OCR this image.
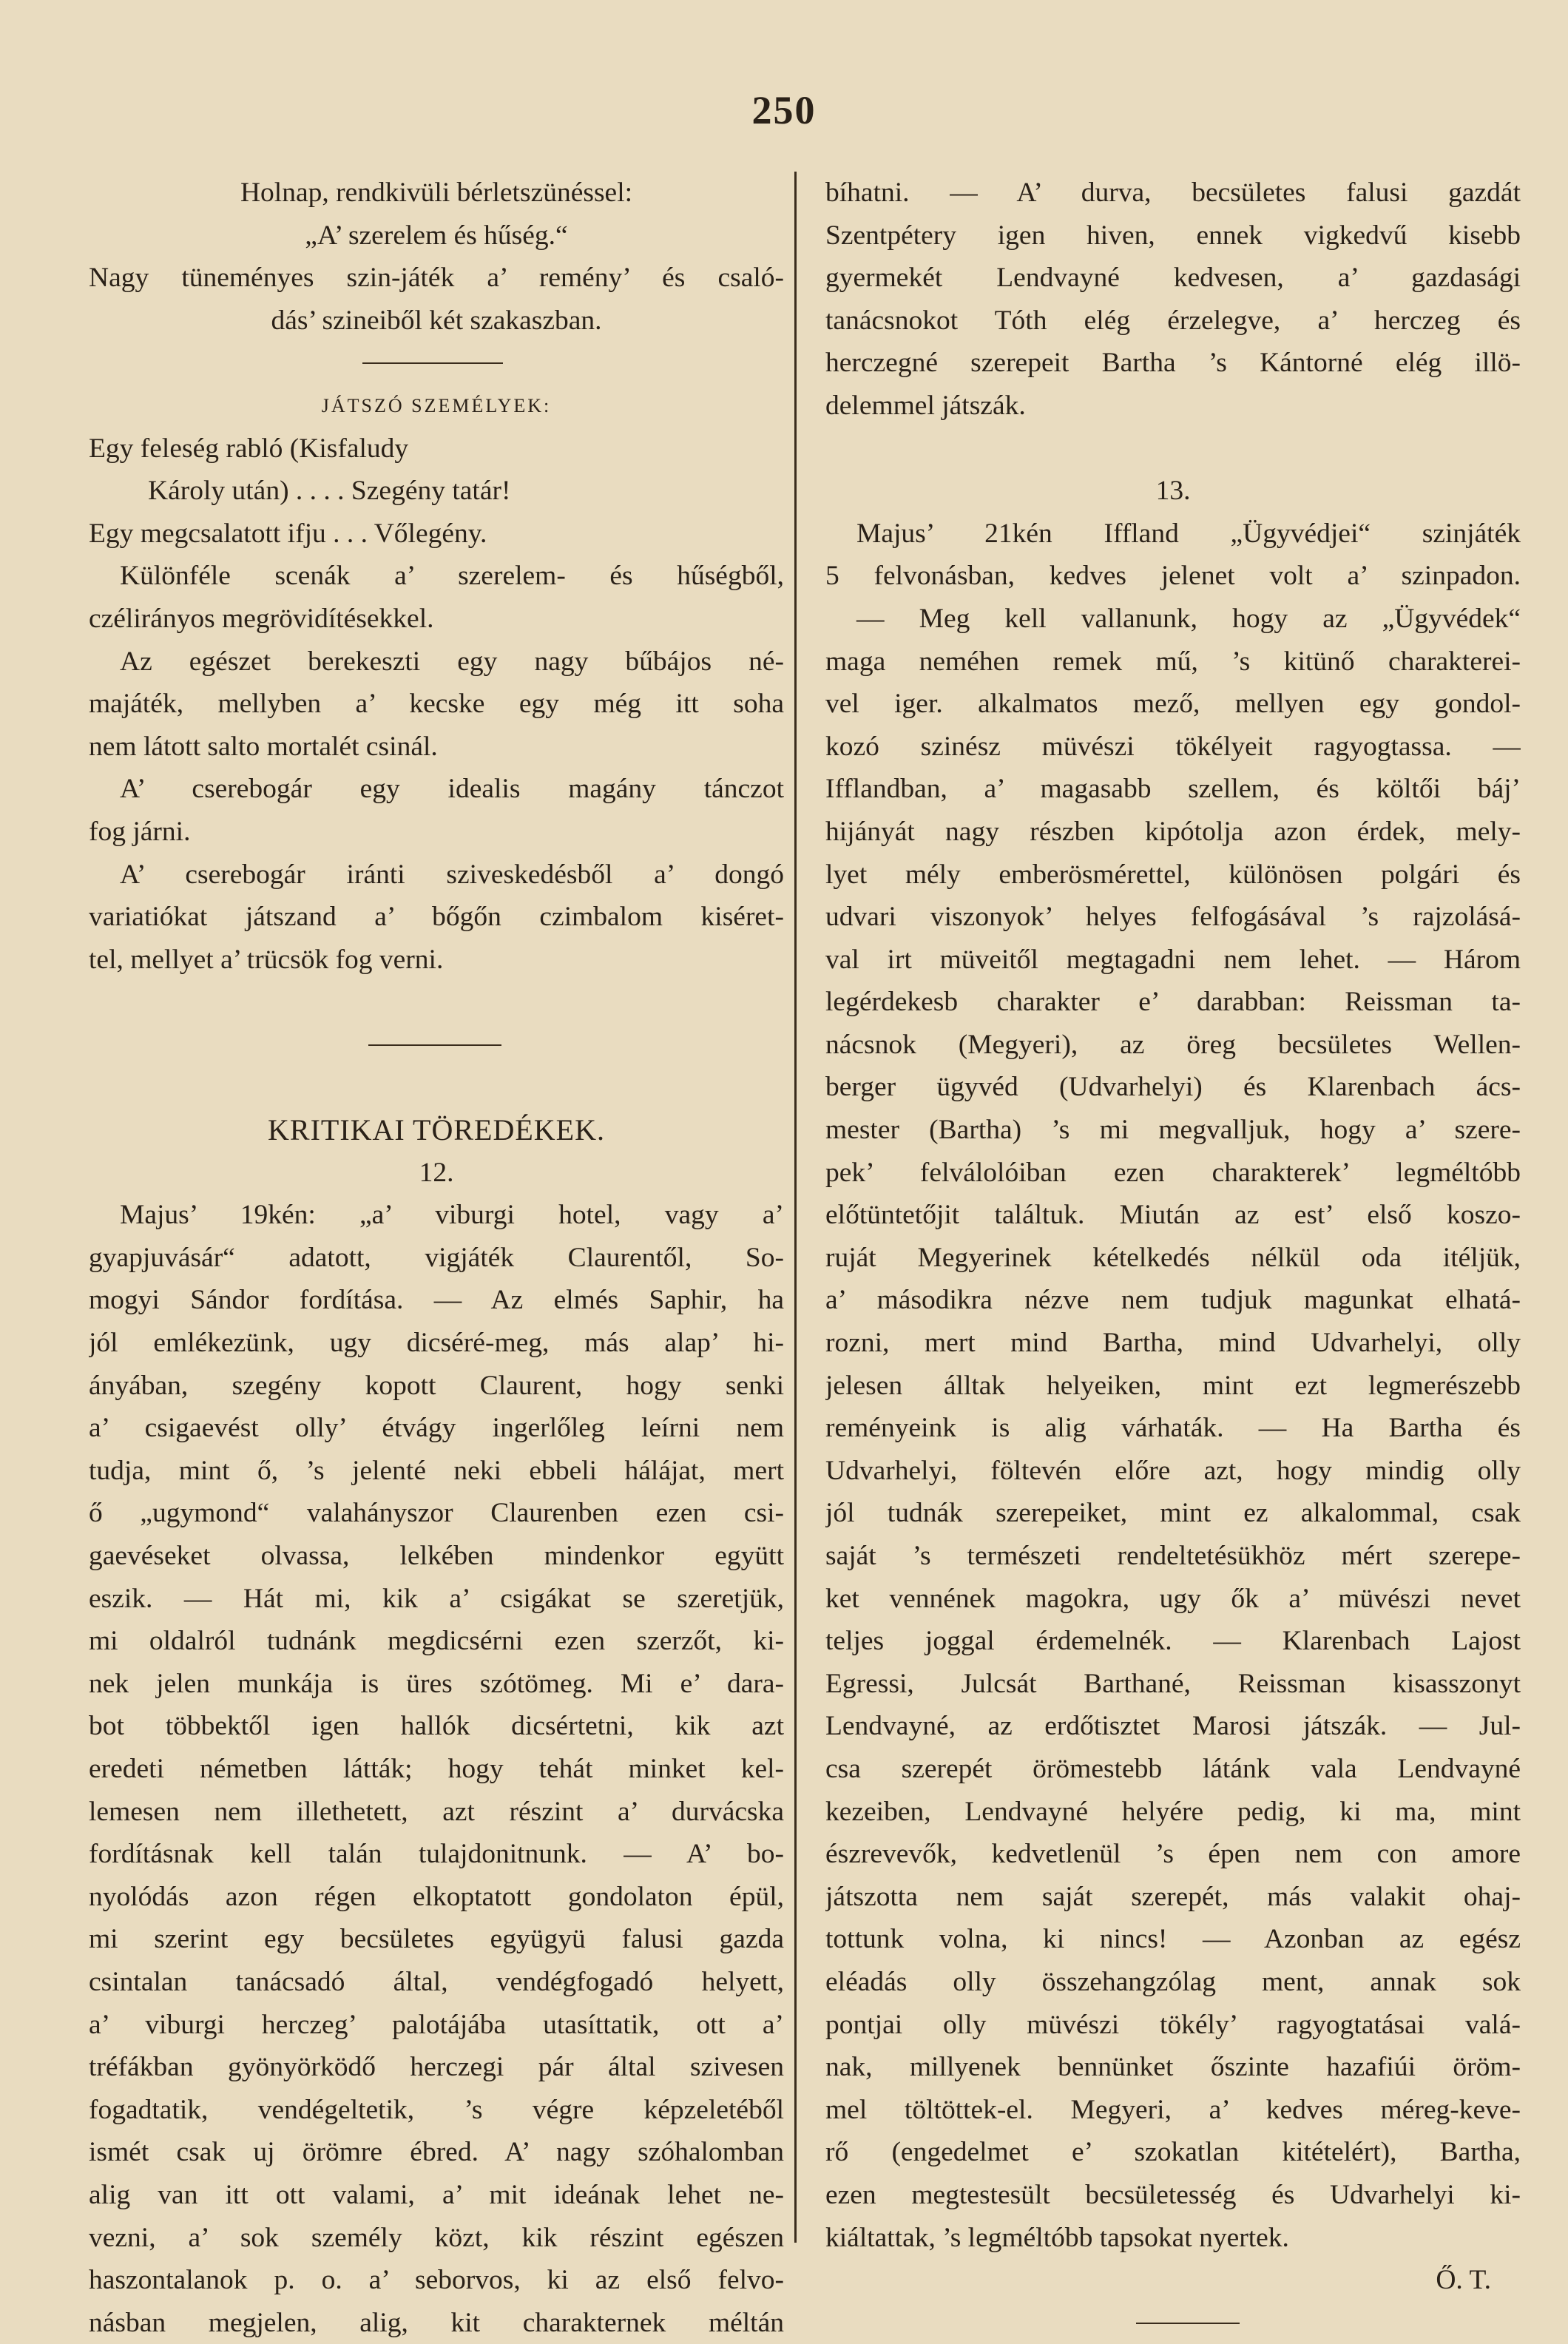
250
Holnap, rendkivüli bérletszünéssel:
„A’ szerelem és hűség.“
Nagy tüneményes szin-játék a’ remény’ és csaló-
dás’ szineiből két szakaszban.
JÁTSZÓ SZEMÉLYEK:
Egy feleség rabló (Kisfaludy
Károly után) . . . . Szegény tatár!
Egy megcsalatott ifju . . . Vőlegény.
Különféle scenák a’ szerelem- és hűségből,
czélirányos megrövidítésekkel.
Az egészet berekeszti egy nagy bűbájos né-
majáték, mellyben a’ kecske egy még itt soha
nem látott salto mortalét csinál.
A’ cserebogár egy idealis magány tánczot
fog járni.
A’ cserebogár iránti sziveskedésből a’ dongó
variatiókat játszand a’ bőgőn czimbalom kiséret-
tel, mellyet a’ trücsök fog verni.
KRITIKAI TÖREDÉKEK.
12.
Majus’ 19kén: „a’ viburgi hotel, vagy a’
gyapjuvásár“ adatott, vigjáték Claurentől, So-
mogyi Sándor fordítása. — Az elmés Saphir, ha
jól emlékezünk, ugy dicséré-meg, más alap’ hi-
ányában, szegény kopott Claurent, hogy senki
a’ csigaevést olly’ étvágy ingerlőleg leírni nem
tudja, mint ő, ’s jelenté neki ebbeli hálájat, mert
ő „ugymond“ valahányszor Claurenben ezen csi-
gaevéseket olvassa, lelkében mindenkor együtt
eszik. — Hát mi, kik a’ csigákat se szeretjük,
mi oldalról tudnánk megdicsérni ezen szerzőt, ki-
nek jelen munkája is üres szótömeg. Mi e’ dara-
bot többektől igen hallók dicsértetni, kik azt
eredeti németben látták; hogy tehát minket kel-
lemesen nem illethetett, azt részint a’ durvácska
fordításnak kell talán tulajdonitnunk. — A’ bo-
nyolódás azon régen elkoptatott gondolaton épül,
mi szerint egy becsületes együgyü falusi gazda
csintalan tanácsadó által, vendégfogadó helyett,
a’ viburgi herczeg’ palotájába utasíttatik, ott a’
tréfákban gyönyörködő herczegi pár által szivesen
fogadtatik, vendégeltetik, ’s végre képzeletéből
ismét csak uj örömre ébred. A’ nagy szóhalomban
alig van itt ott valami, a’ mit ideának lehet ne-
vezni, a’ sok személy közt, kik részint egészen
haszontalanok p. o. a’ seborvos, ki az első felvo-
násban megjelen, alig, kit charakternek méltán
bíhatni. — A’ durva, becsületes falusi gazdát
Szentpétery igen hiven, ennek vigkedvű kisebb
gyermekét Lendvayné kedvesen, a’ gazdasági
tanácsnokot Tóth elég érzelegve, a’ herczeg és
herczegné szerepeit Bartha ’s Kántorné elég illö-
delemmel játszák.
13.
Majus’ 21kén Iffland „Ügyvédjei“ szinjáték
5 felvonásban, kedves jelenet volt a’ szinpadon.
— Meg kell vallanunk, hogy az „Ügyvédek“
maga neméhen remek mű, ’s kitünő charakterei-
vel iger. alkalmatos mező, mellyen egy gondol-
kozó szinész müvészi tökélyeit ragyogtassa. —
Ifflandban, a’ magasabb szellem, és költői báj’
hijányát nagy részben kipótolja azon érdek, mely-
lyet mély emberösmérettel, különösen polgári és
udvari viszonyok’ helyes felfogásával ’s rajzolásá-
val irt müveitől megtagadni nem lehet. — Három
legérdekesb charakter e’ darabban: Reissman ta-
nácsnok (Megyeri), az öreg becsületes Wellen-
berger ügyvéd (Udvarhelyi) és Klarenbach ács-
mester (Bartha) ’s mi megvalljuk, hogy a’ szere-
pek’ felválolóiban ezen charakterek’ legméltóbb
előtüntetőjit találtuk. Miután az est’ első koszo-
ruját Megyerinek kételkedés nélkül oda itéljük,
a’ másodikra nézve nem tudjuk magunkat elhatá-
rozni, mert mind Bartha, mind Udvarhelyi, olly
jelesen álltak helyeiken, mint ezt legmerészebb
reményeink is alig várhaták. — Ha Bartha és
Udvarhelyi, föltevén előre azt, hogy mindig olly
jól tudnák szerepeiket, mint ez alkalommal, csak
saját ’s természeti rendeltetésükhöz mért szerepe-
ket vennének magokra, ugy ők a’ müvészi nevet
teljes joggal érdemelnék. — Klarenbach Lajost
Egressi, Julcsát Barthané, Reissman kisasszonyt
Lendvayné, az erdőtisztet Marosi játszák. — Jul-
csa szerepét örömestebb látánk vala Lendvayné
kezeiben, Lendvayné helyére pedig, ki ma, mint
észrevevők, kedvetlenül ’s épen nem con amore
játszotta nem saját szerepét, más valakit ohaj-
tottunk volna, ki nincs! — Azonban az egész
eléadás olly összehangzólag ment, annak sok
pontjai olly müvészi tökély’ ragyogtatásai valá-
nak, millyenek bennünket őszinte hazafiúi öröm-
mel töltöttek-el. Megyeri, a’ kedves méreg-keve-
rő (engedelmet e’ szokatlan kitételért), Bartha,
ezen megtestesült becsületesség és Udvarhelyi ki-
kiáltattak, ’s legméltóbb tapsokat nyertek.
Ő. T.
